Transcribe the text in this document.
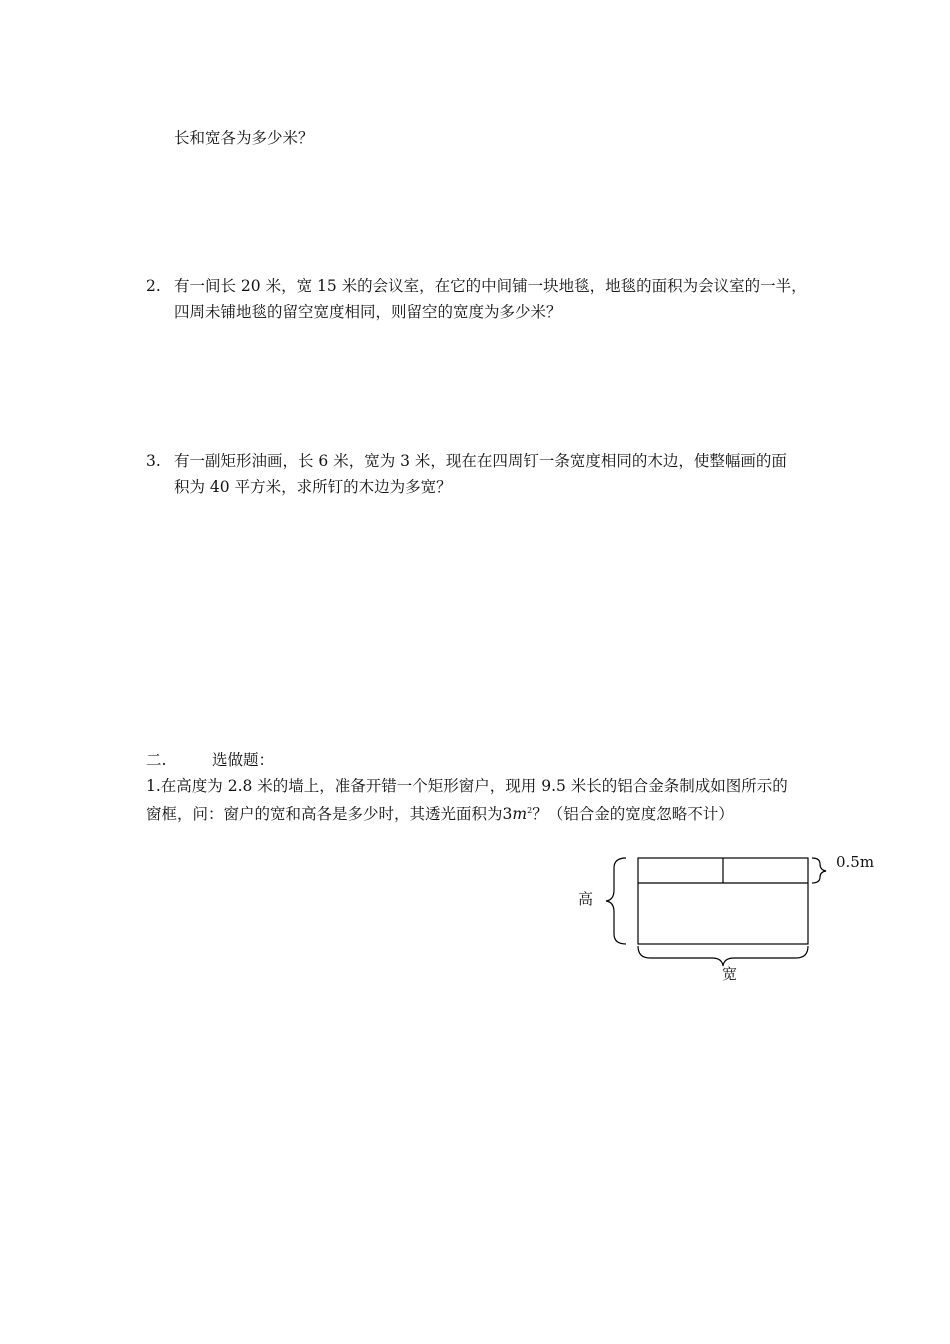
长和宽各为多少米？
2. 有一间长 20 米，宽 15 米的会议室，在它的中间铺一块地毯，地毯的面积为会议室的一半，
四周未铺地毯的留空宽度相同，则留空的宽度为多少米？
3. 有一副矩形油画，长 6 米，宽为 3 米，现在在四周钉一条宽度相同的木边，使整幅画的面
积为 40 平方米，求所钉的木边为多宽？
二.	选做题：
1.在高度为 2.8 米的墙上，准备开错一个矩形窗户，现用 9.5 米长的铝合金条制成如图所示的
窗框，问：窗户的宽和高各是多少时，其透光面积为$3m^2$？（铝合金的宽度忽略不计）
高
宽
0.5m
